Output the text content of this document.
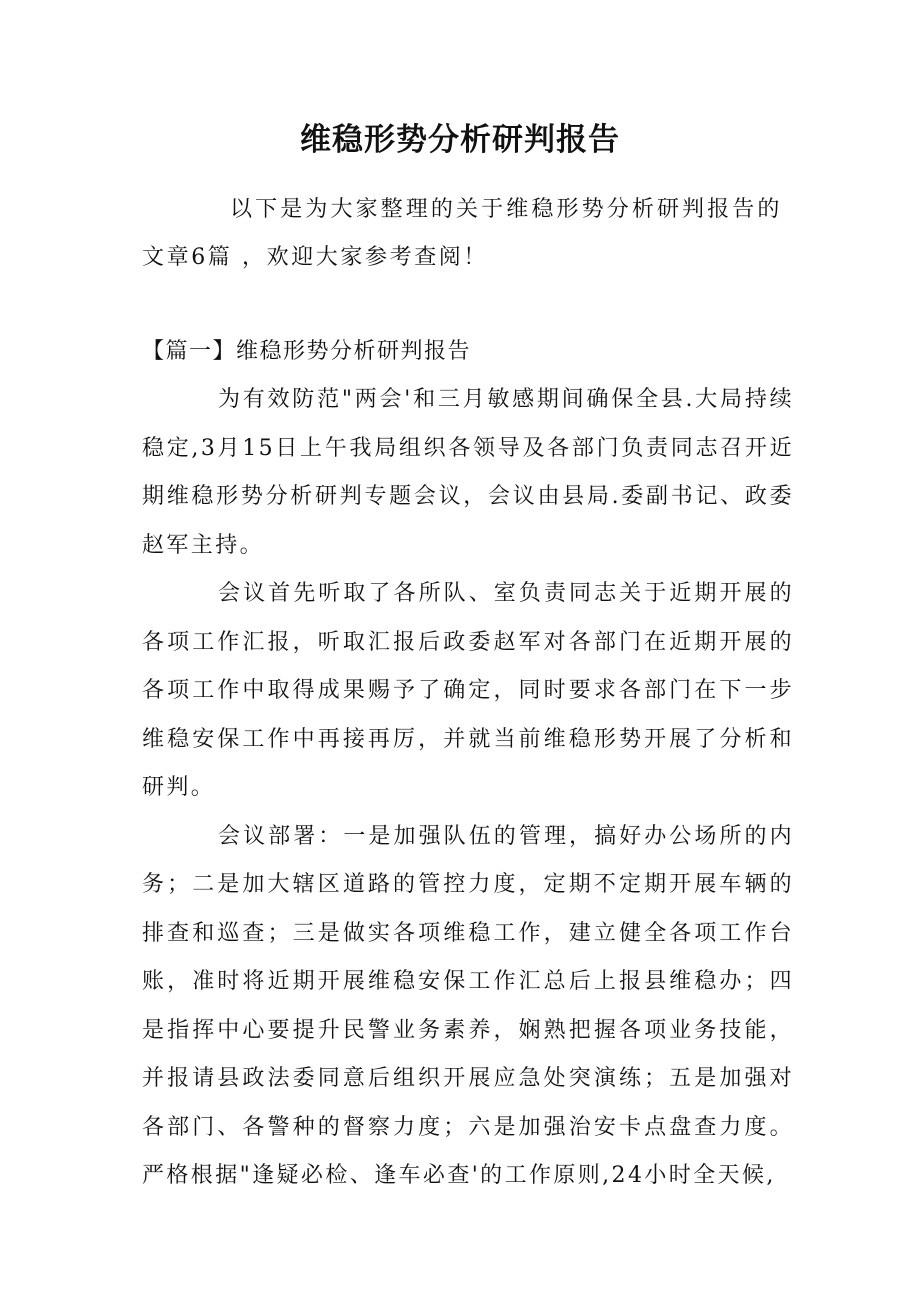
维稳形势分析研判报告

以下是为大家整理的关于维稳形势分析研判报告的文章6篇 ，欢迎大家参考查阅！

【篇一】维稳形势分析研判报告

为有效防范"两会'和三月敏感期间确保全县.大局持续稳定,3月15日上午我局组织各领导及各部门负责同志召开近期维稳形势分析研判专题会议，会议由县局.委副书记、政委赵军主持。

会议首先听取了各所队、室负责同志关于近期开展的各项工作汇报，听取汇报后政委赵军对各部门在近期开展的各项工作中取得成果赐予了确定，同时要求各部门在下一步维稳安保工作中再接再厉，并就当前维稳形势开展了分析和研判。

会议部署：一是加强队伍的管理，搞好办公场所的内务；二是加大辖区道路的管控力度，定期不定期开展车辆的排查和巡查；三是做实各项维稳工作，建立健全各项工作台账，准时将近期开展维稳安保工作汇总后上报县维稳办；四是指挥中心要提升民警业务素养，娴熟把握各项业务技能，并报请县政法委同意后组织开展应急处突演练；五是加强对各部门、各警种的督察力度；六是加强治安卡点盘查力度。严格根据"逢疑必检、逢车必查'的工作原则,24小时全天候,
